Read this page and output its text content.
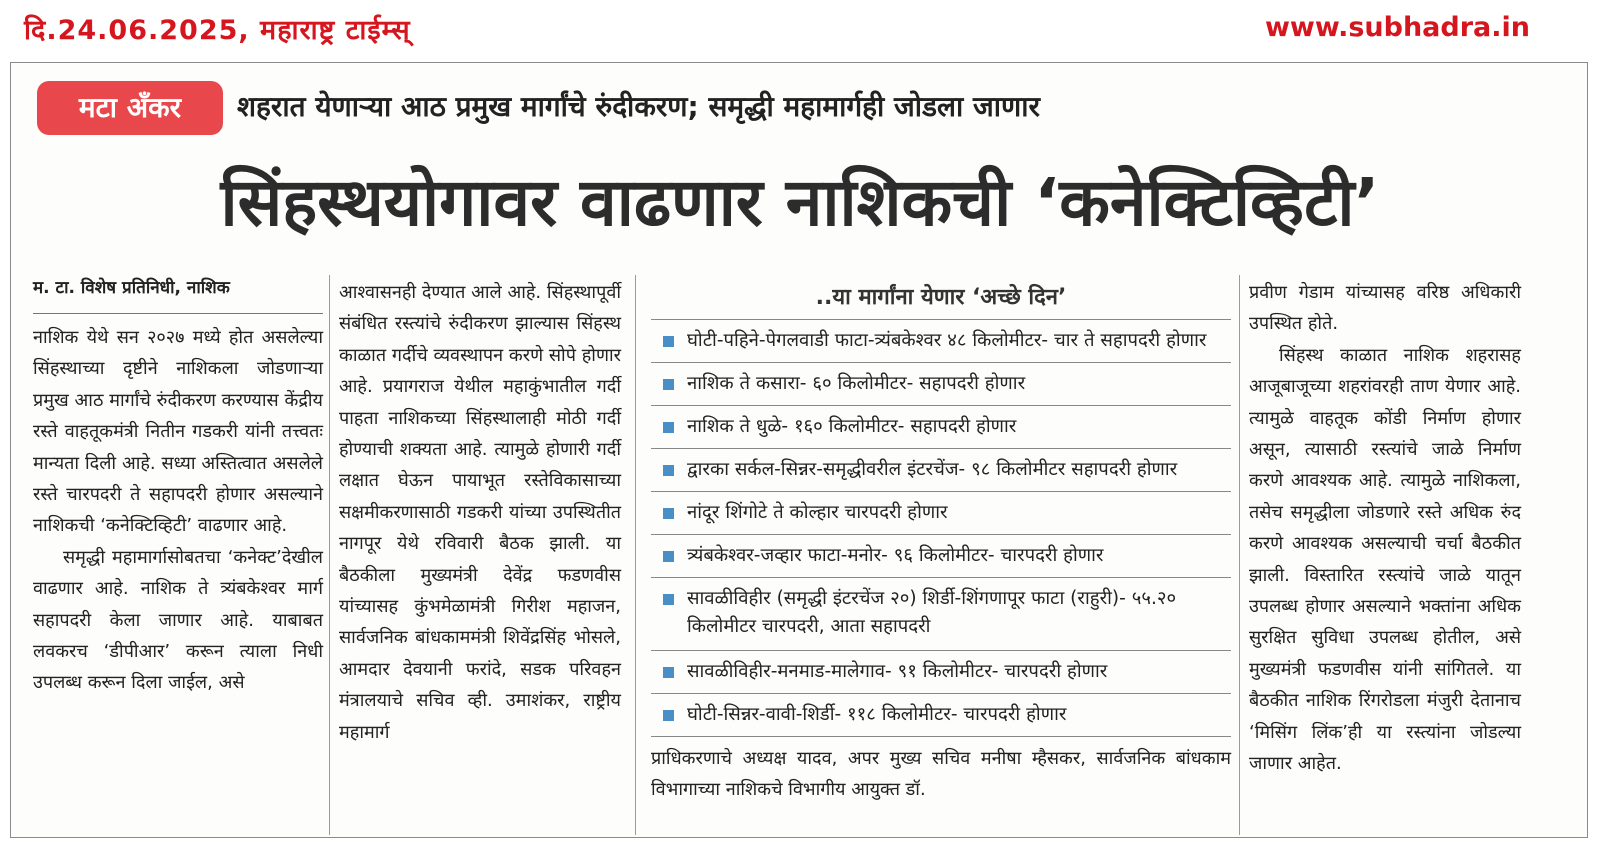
दि.24.06.2025, महाराष्ट्र टाईम्स्	www.subhadra.in
मटा अँकर	शहरात येणाऱ्या आठ प्रमुख मार्गांचे रुंदीकरण; समृद्धी महामार्गही जोडला जाणार
सिंहस्थयोगावर वाढणार नाशिकची ‘कनेक्टिव्हिटी’
म. टा. विशेष प्रतिनिधी, नाशिक

नाशिक येथे सन २०२७ मध्ये होत असलेल्या सिंहस्थाच्या दृष्टीने नाशिकला जोडणाऱ्या प्रमुख आठ मार्गांचे रुंदीकरण करण्यास केंद्रीय रस्ते वाहतूकमंत्री नितीन गडकरी यांनी तत्त्वतः मान्यता दिली आहे. सध्या अस्तित्वात असलेले रस्ते चारपदरी ते सहापदरी होणार असल्याने नाशिकची ‘कनेक्टिव्हिटी’ वाढणार आहे.

समृद्धी महामार्गासोबतचा ‘कनेक्ट’देखील वाढणार आहे. नाशिक ते त्र्यंबकेश्वर मार्ग सहापदरी केला जाणार आहे. याबाबत लवकरच ‘डीपीआर’ करून त्याला निधी उपलब्ध करून दिला जाईल, असे

आश्वासनही देण्यात आले आहे. सिंहस्थापूर्वी संबंधित रस्त्यांचे रुंदीकरण झाल्यास सिंहस्थ काळात गर्दीचे व्यवस्थापन करणे सोपे होणार आहे. प्रयागराज येथील महाकुंभातील गर्दी पाहता नाशिकच्या सिंहस्थालाही मोठी गर्दी होण्याची शक्यता आहे. त्यामुळे होणारी गर्दी लक्षात घेऊन पायाभूत रस्तेविकासाच्या सक्षमीकरणासाठी गडकरी यांच्या उपस्थितीत नागपूर येथे रविवारी बैठक झाली. या बैठकीला मुख्यमंत्री देवेंद्र फडणवीस यांच्यासह कुंभमेळामंत्री गिरीश महाजन, सार्वजनिक बांधकाममंत्री शिवेंद्रसिंह भोसले, आमदार देवयानी फरांदे, सडक परिवहन मंत्रालयाचे सचिव व्ही. उमाशंकर, राष्ट्रीय महामार्ग

..या मार्गांना येणार ‘अच्छे दिन’
घोटी-पहिने-पेगलवाडी फाटा-त्र्यंबकेश्वर ४८ किलोमीटर- चार ते सहापदरी होणार
नाशिक ते कसारा- ६० किलोमीटर- सहापदरी होणार
नाशिक ते धुळे- १६० किलोमीटर- सहापदरी होणार
द्वारका सर्कल-सिन्नर-समृद्धीवरील इंटरचेंज- ९८ किलोमीटर सहापदरी होणार
नांदूर शिंगोटे ते कोल्हार चारपदरी होणार
त्र्यंबकेश्वर-जव्हार फाटा-मनोर- ९६ किलोमीटर- चारपदरी होणार
सावळीविहीर (समृद्धी इंटरचेंज २०) शिर्डी-शिंगणापूर फाटा (राहुरी)- ५५.२० किलोमीटर चारपदरी, आता सहापदरी
सावळीविहीर-मनमाड-मालेगाव- ९१ किलोमीटर- चारपदरी होणार
घोटी-सिन्नर-वावी-शिर्डी- ११८ किलोमीटर- चारपदरी होणार

प्राधिकरणाचे अध्यक्ष यादव, अपर मुख्य सचिव मनीषा म्हैसकर, सार्वजनिक बांधकाम विभागाच्या नाशिकचे विभागीय आयुक्त डॉ.

प्रवीण गेडाम यांच्यासह वरिष्ठ अधिकारी उपस्थित होते.

सिंहस्थ काळात नाशिक शहरासह आजूबाजूच्या शहरांवरही ताण येणार आहे. त्यामुळे वाहतूक कोंडी निर्माण होणार असून, त्यासाठी रस्त्यांचे जाळे निर्माण करणे आवश्यक आहे. त्यामुळे नाशिकला, तसेच समृद्धीला जोडणारे रस्ते अधिक रुंद करणे आवश्यक असल्याची चर्चा बैठकीत झाली. विस्तारित रस्त्यांचे जाळे यातून उपलब्ध होणार असल्याने भक्तांना अधिक सुरक्षित सुविधा उपलब्ध होतील, असे मुख्यमंत्री फडणवीस यांनी सांगितले. या बैठकीत नाशिक रिंगरोडला मंजुरी देतानाच ‘मिसिंग लिंक’ही या रस्त्यांना जोडल्या जाणार आहेत.
